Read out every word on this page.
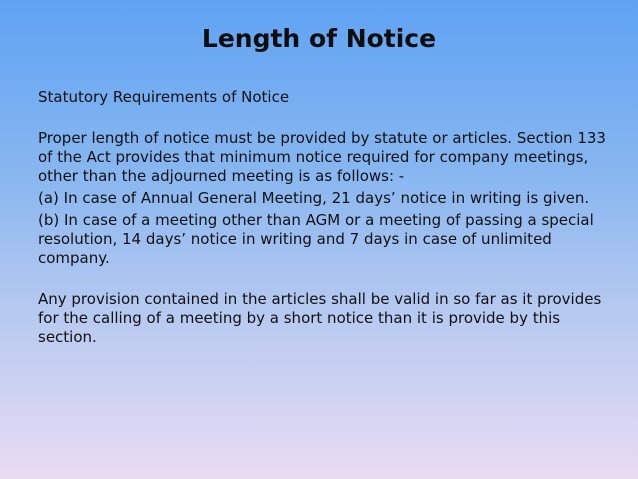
Length of Notice

Statutory Requirements of Notice

Proper length of notice must be provided by statute or articles. Section 133 of the Act provides that minimum notice required for company meetings, other than the adjourned meeting is as follows: -

(a) In case of Annual General Meeting, 21 days’ notice in writing is given.

(b) In case of a meeting other than AGM or a meeting of passing a special resolution, 14 days’ notice in writing and 7 days in case of unlimited company.

Any provision contained in the articles shall be valid in so far as it provides for the calling of a meeting by a short notice than it is provide by this section.
